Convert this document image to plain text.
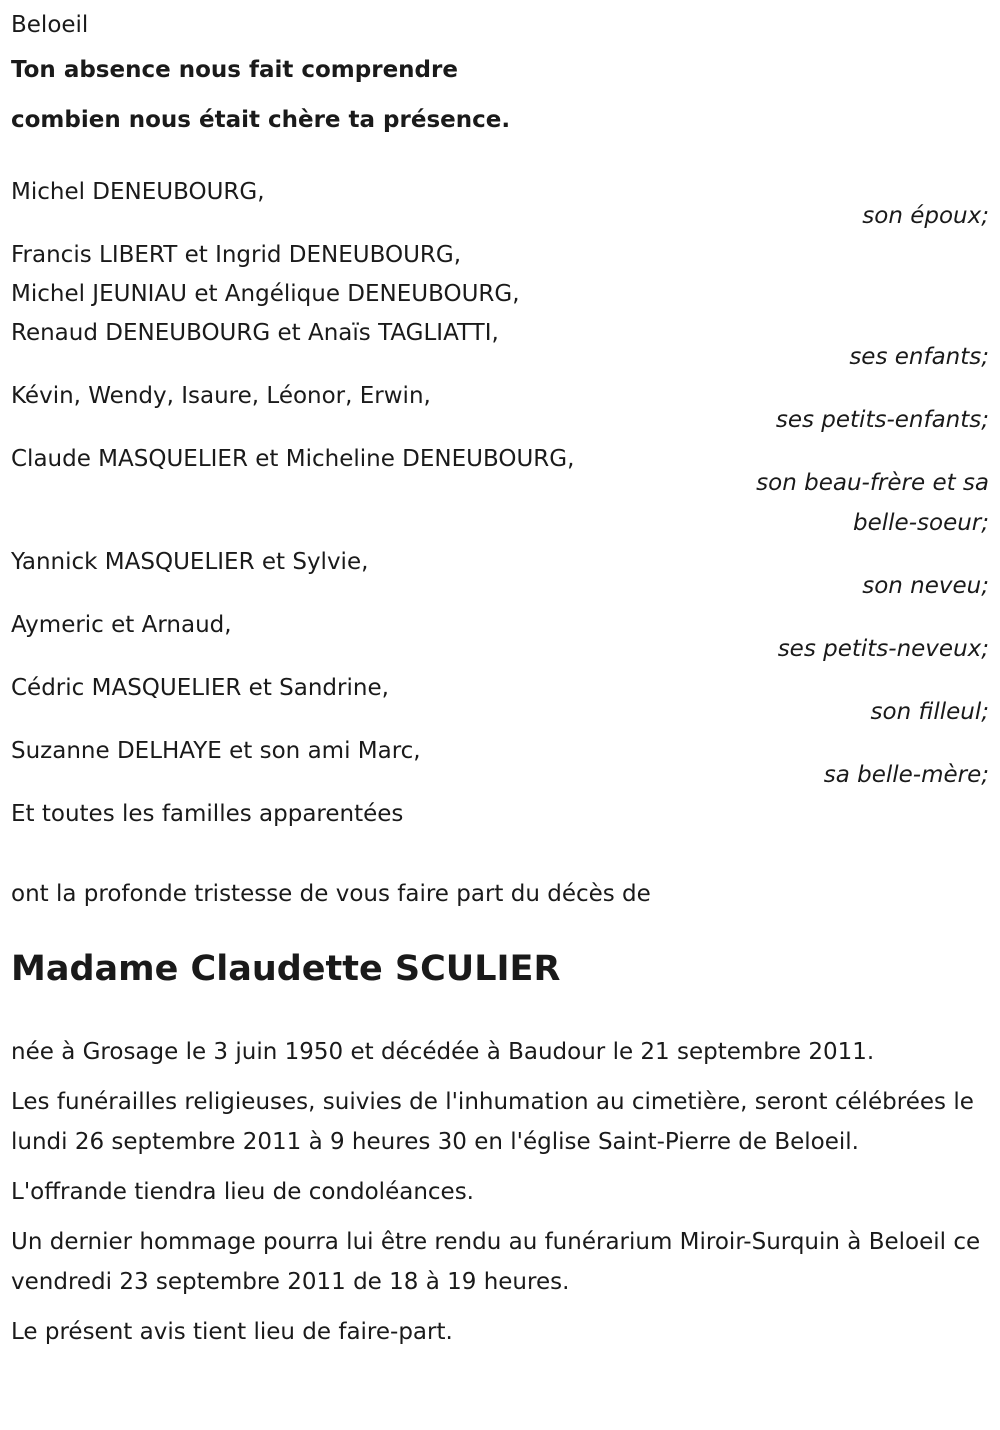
Beloeil
Ton absence nous fait comprendre
combien nous était chère ta présence.
Michel DENEUBOURG,
son époux;
Francis LIBERT et Ingrid DENEUBOURG,
Michel JEUNIAU et Angélique DENEUBOURG,
Renaud DENEUBOURG et Anaïs TAGLIATTI,
ses enfants;
Kévin, Wendy, Isaure, Léonor, Erwin,
ses petits-enfants;
Claude MASQUELIER et Micheline DENEUBOURG,
son beau-frère et sa
belle-soeur;
Yannick MASQUELIER et Sylvie,
son neveu;
Aymeric et Arnaud,
ses petits-neveux;
Cédric MASQUELIER et Sandrine,
son filleul;
Suzanne DELHAYE et son ami Marc,
sa belle-mère;
Et toutes les familles apparentées
ont la profonde tristesse de vous faire part du décès de
Madame Claudette SCULIER
née à Grosage le 3 juin 1950 et décédée à Baudour le 21 septembre 2011.
Les funérailles religieuses, suivies de l'inhumation au cimetière, seront célébrées le lundi 26 septembre 2011 à 9 heures 30 en l'église Saint-Pierre de Beloeil.
L'offrande tiendra lieu de condoléances.
Un dernier hommage pourra lui être rendu au funérarium Miroir-Surquin à Beloeil ce vendredi 23 septembre 2011 de 18 à 19 heures.
Le présent avis tient lieu de faire-part.
